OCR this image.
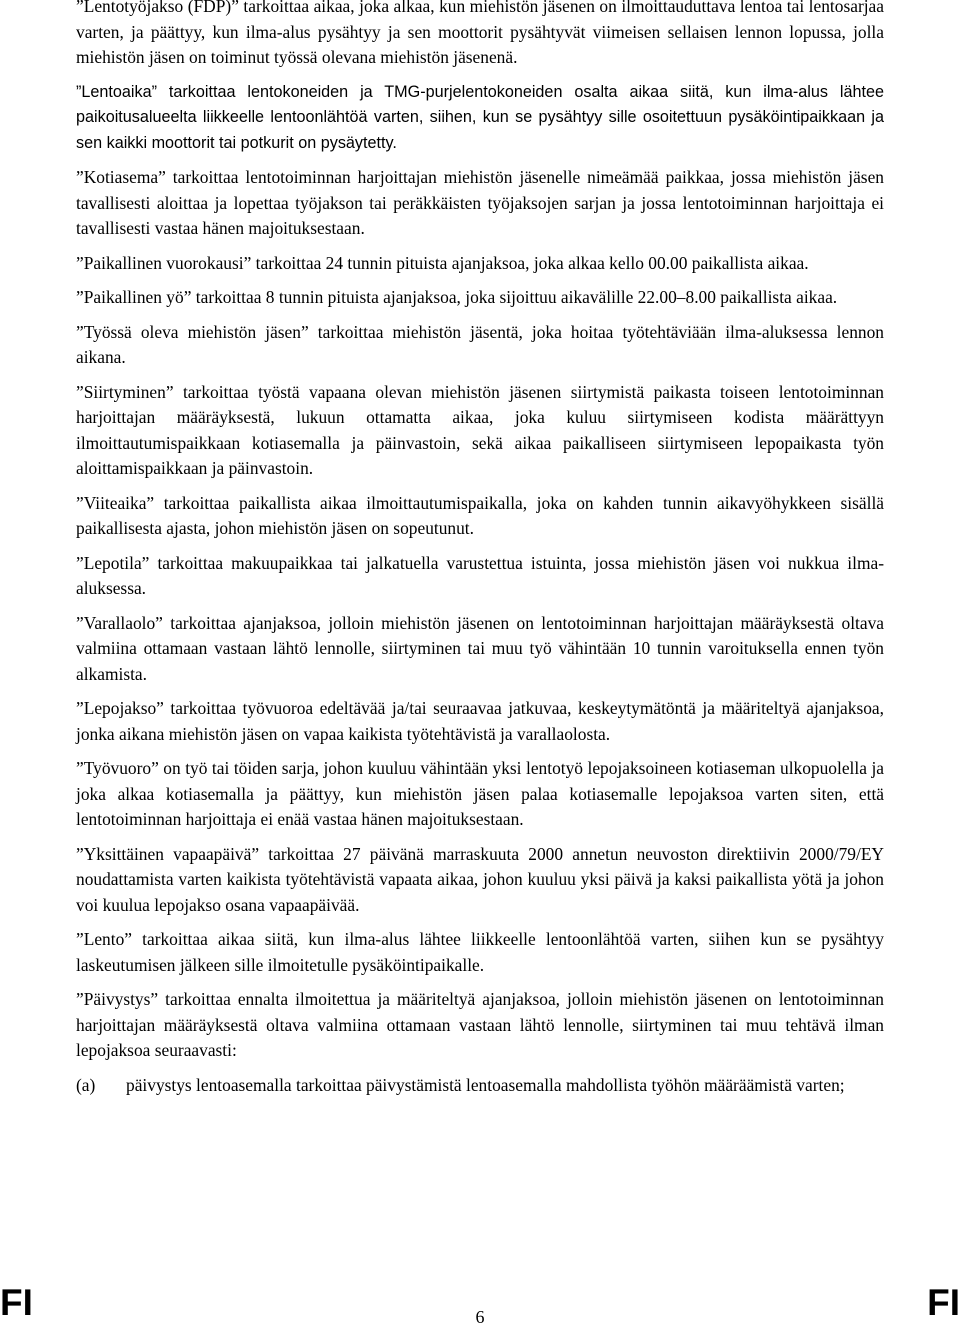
”Lentotyöjakso (FDP)” tarkoittaa aikaa, joka alkaa, kun miehistön jäsenen on ilmoittauduttava lentoa tai lentosarjaa varten, ja päättyy, kun ilma-alus pysähtyy ja sen moottorit pysähtyvät viimeisen sellaisen lennon lopussa, jolla miehistön jäsen on toiminut työssä olevana miehistön jäsenenä.

”Lentoaika” tarkoittaa lentokoneiden ja TMG-purjelentokoneiden osalta aikaa siitä, kun ilma-alus lähtee paikoitusalueelta liikkeelle lentoonlähtöä varten, siihen, kun se pysähtyy sille osoitettuun pysäköintipaikkaan ja sen kaikki moottorit tai potkurit on pysäytetty.

”Kotiasema” tarkoittaa lentotoiminnan harjoittajan miehistön jäsenelle nimeämää paikkaa, jossa miehistön jäsen tavallisesti aloittaa ja lopettaa työjakson tai peräkkäisten työjaksojen sarjan ja jossa lentotoiminnan harjoittaja ei tavallisesti vastaa hänen majoituksestaan.

”Paikallinen vuorokausi” tarkoittaa 24 tunnin pituista ajanjaksoa, joka alkaa kello 00.00 paikallista aikaa.

”Paikallinen yö” tarkoittaa 8 tunnin pituista ajanjaksoa, joka sijoittuu aikavälille 22.00–8.00 paikallista aikaa.

”Työssä oleva miehistön jäsen” tarkoittaa miehistön jäsentä, joka hoitaa työtehtäviään ilma-aluksessa lennon aikana.

”Siirtyminen” tarkoittaa työstä vapaana olevan miehistön jäsenen siirtymistä paikasta toiseen lentotoiminnan harjoittajan määräyksestä, lukuun ottamatta aikaa, joka kuluu siirtymiseen kodista määrättyyn ilmoittautumispaikkaan kotiasemalla ja päinvastoin, sekä aikaa paikalliseen siirtymiseen lepopaikasta työn aloittamispaikkaan ja päinvastoin.

”Viiteaika” tarkoittaa paikallista aikaa ilmoittautumispaikalla, joka on kahden tunnin aikavyöhykkeen sisällä paikallisesta ajasta, johon miehistön jäsen on sopeutunut.

”Lepotila” tarkoittaa makuupaikkaa tai jalkatuella varustettua istuinta, jossa miehistön jäsen voi nukkua ilma-aluksessa.

”Varallaolo” tarkoittaa ajanjaksoa, jolloin miehistön jäsenen on lentotoiminnan harjoittajan määräyksestä oltava valmiina ottamaan vastaan lähtö lennolle, siirtyminen tai muu työ vähintään 10 tunnin varoituksella ennen työn alkamista.

”Lepojakso” tarkoittaa työvuoroa edeltävää ja/tai seuraavaa jatkuvaa, keskeytymätöntä ja määriteltyä ajanjaksoa, jonka aikana miehistön jäsen on vapaa kaikista työtehtävistä ja varallaolosta.

”Työvuoro” on työ tai töiden sarja, johon kuuluu vähintään yksi lentotyö lepojaksoineen kotiaseman ulkopuolella ja joka alkaa kotiasemalla ja päättyy, kun miehistön jäsen palaa kotiasemalle lepojaksoa varten siten, että lentotoiminnan harjoittaja ei enää vastaa hänen majoituksestaan.

”Yksittäinen vapaapäivä” tarkoittaa 27 päivänä marraskuuta 2000 annetun neuvoston direktiivin 2000/79/EY noudattamista varten kaikista työtehtävistä vapaata aikaa, johon kuuluu yksi päivä ja kaksi paikallista yötä ja johon voi kuulua lepojakso osana vapaapäivää.

”Lento” tarkoittaa aikaa siitä, kun ilma-alus lähtee liikkeelle lentoonlähtöä varten, siihen kun se pysähtyy laskeutumisen jälkeen sille ilmoitetulle pysäköintipaikalle.

”Päivystys” tarkoittaa ennalta ilmoitettua ja määriteltyä ajanjaksoa, jolloin miehistön jäsenen on lentotoiminnan harjoittajan määräyksestä oltava valmiina ottamaan vastaan lähtö lennolle, siirtyminen tai muu tehtävä ilman lepojaksoa seuraavasti:

(a) päivystys lentoasemalla tarkoittaa päivystämistä lentoasemalla mahdollista työhön määräämistä varten;
FI	6	FI
